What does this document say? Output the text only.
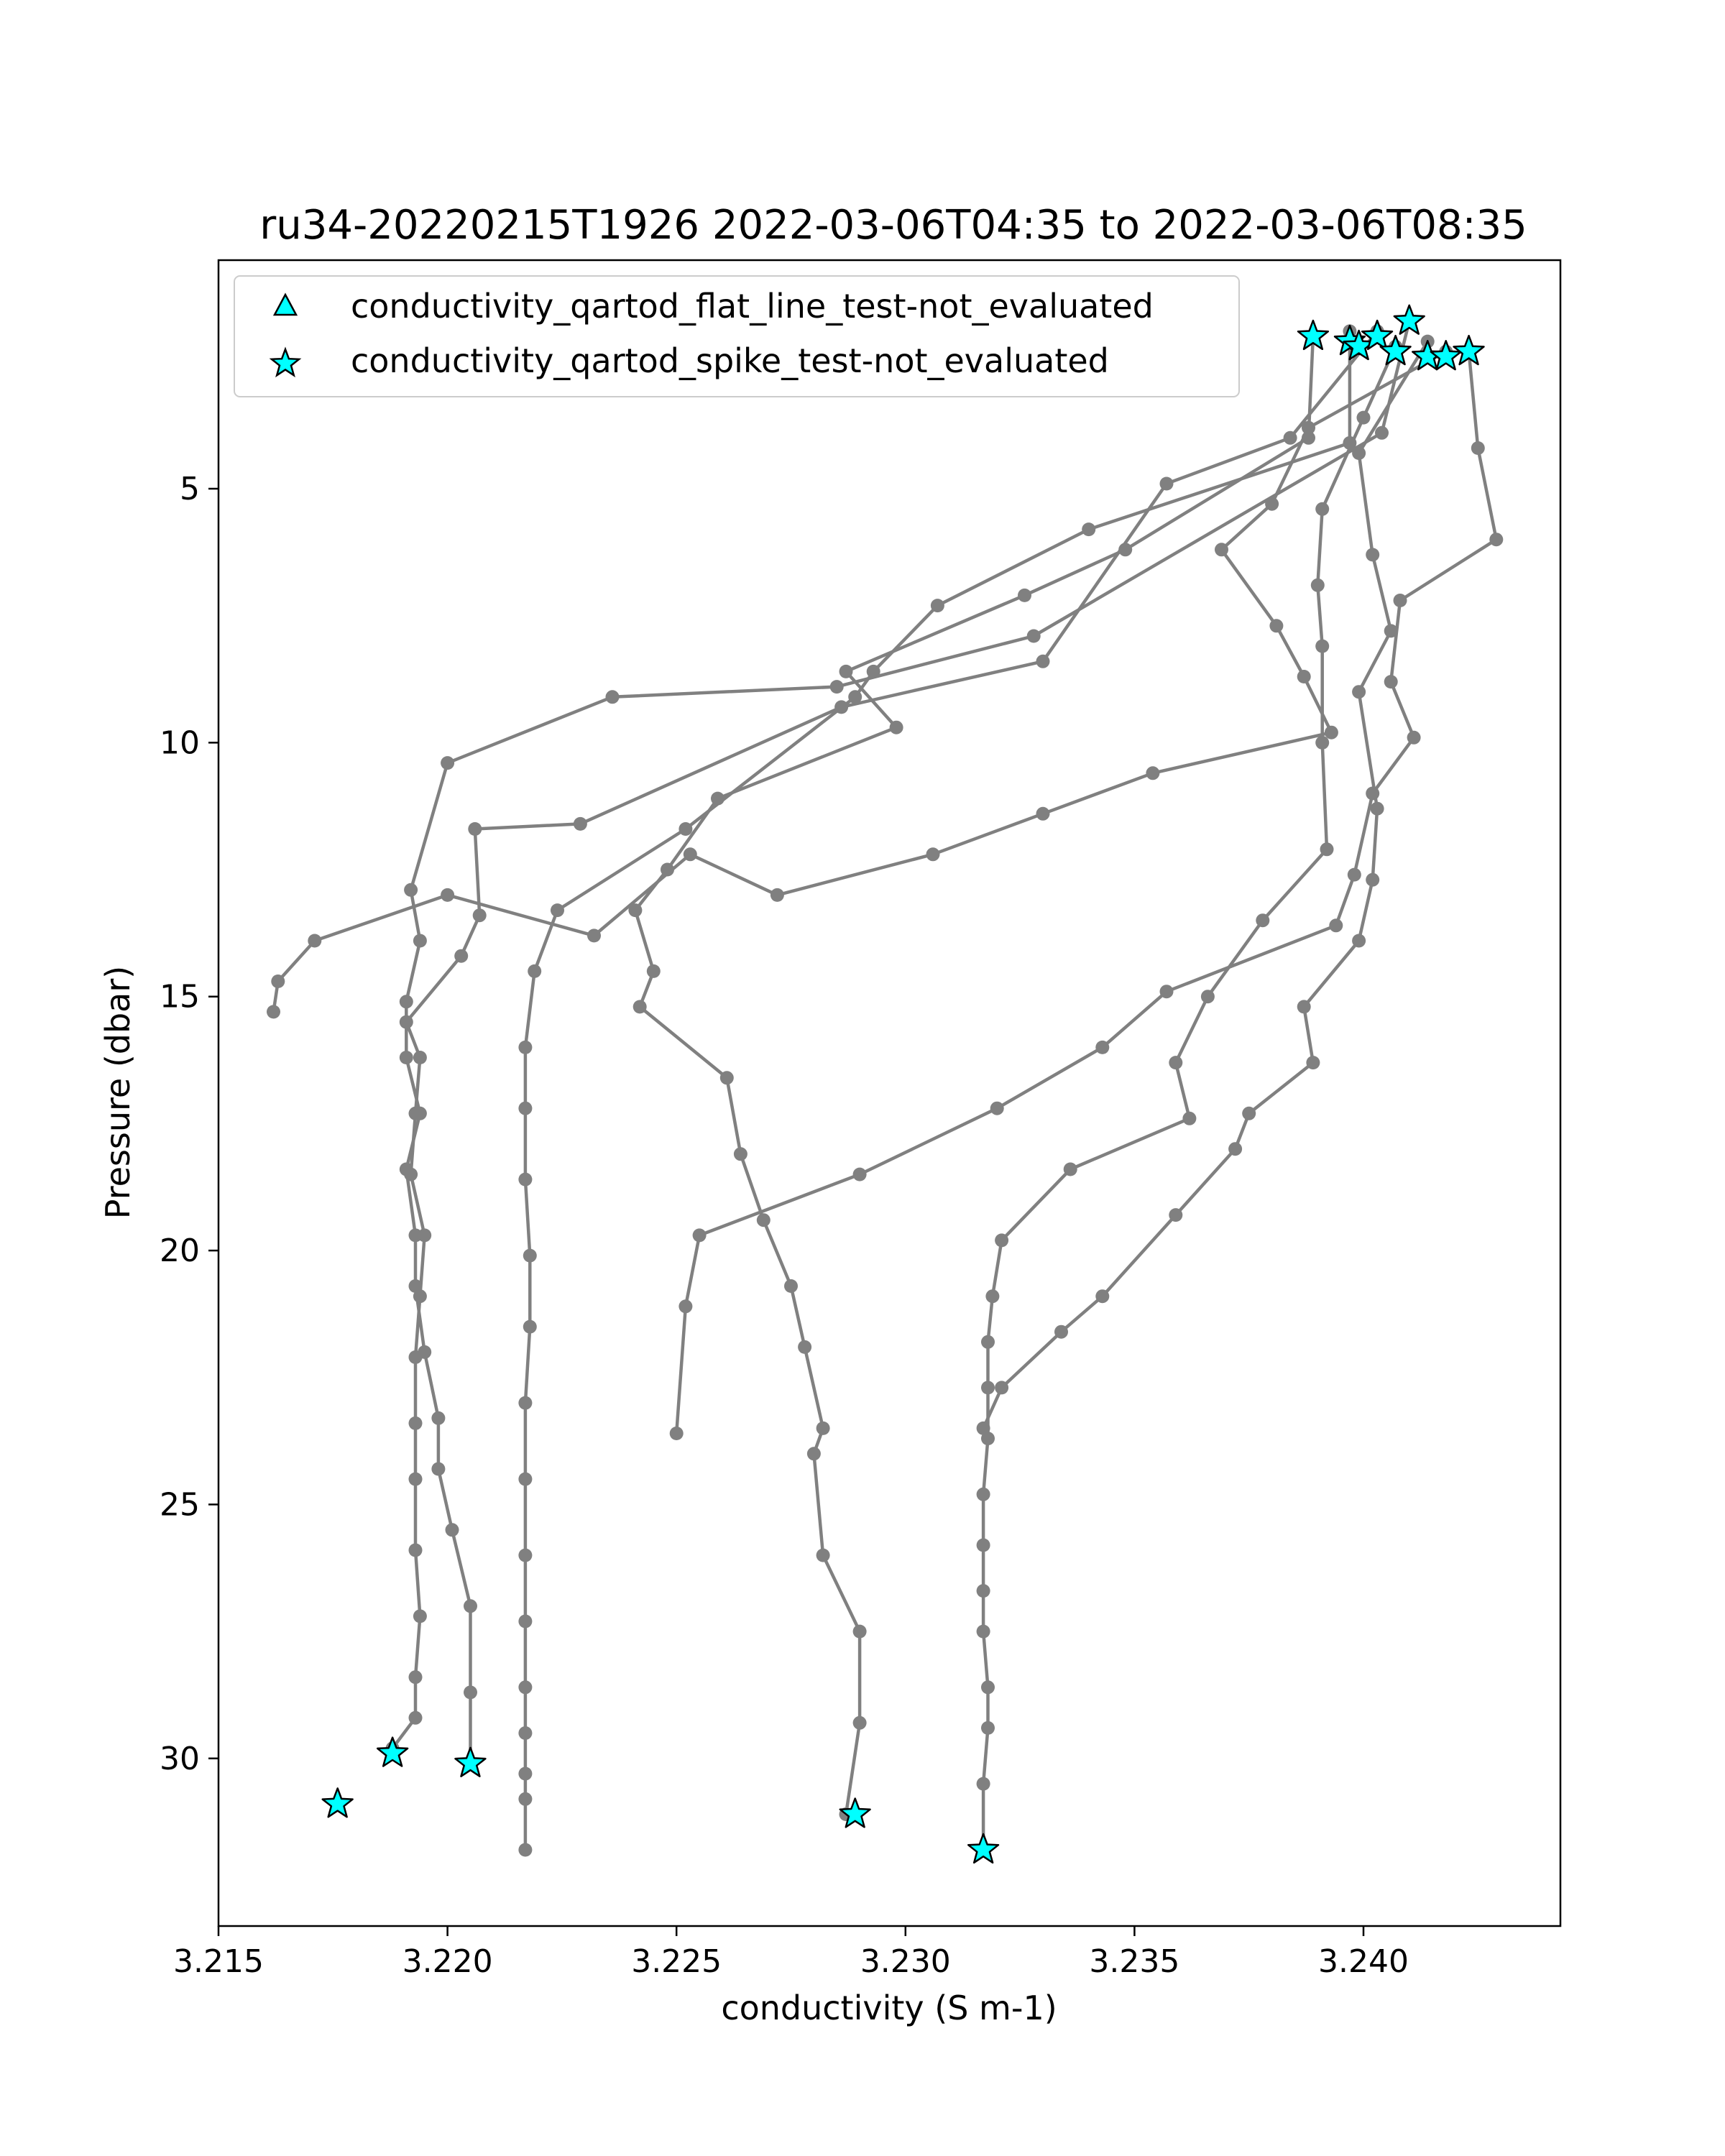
ru34-20220215T1926 2022-03-06T04:35 to 2022-03-06T08:35
3.215	3.220	3.225	3.230	3.235	3.240
5
10
15
20
25
30
conductivity (S m-1)
Pressure (dbar)
conductivity_qartod_flat_line_test-not_evaluated
conductivity_qartod_spike_test-not_evaluated
